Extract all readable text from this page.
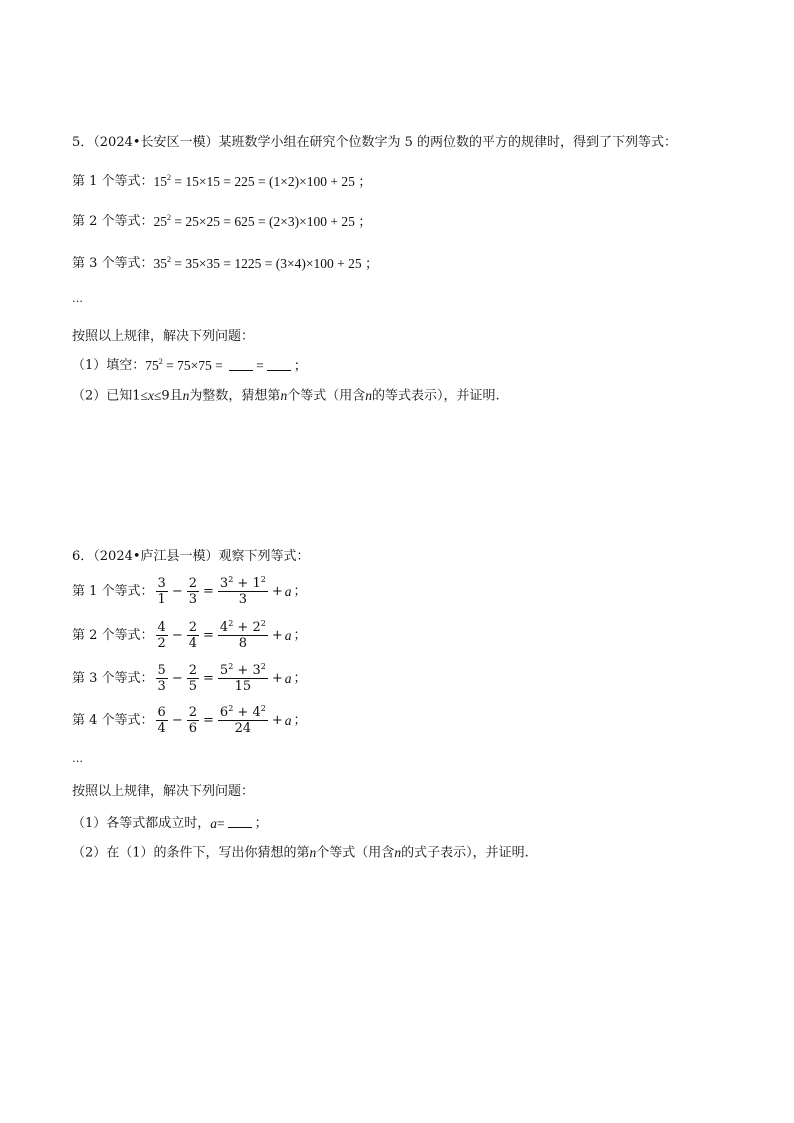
5．（2024•长安区一模）某班数学小组在研究个位数字为 5 的两位数的平方的规律时，得到了下列等式：
第 1 个等式：$15^2 = 15\times 15 = 225 = (1\times 2)\times 100 + 25$ ；
第 2 个等式：$25^2 = 25\times 25 = 625 = (2\times 3)\times 100 + 25$ ；
第 3 个等式：$35^2 = 35\times 35 = 1225 = (3\times 4)\times 100 + 25$ ；
…
按照以上规律，解决下列问题：
（1）填空：$75^2 = 75\times 75$ = = ；
（2）已知1≤x≤9且n为整数，猜想第n个等式（用含n的等式表示），并证明.
6．（2024•庐江县一模）观察下列等式：
第 1 个等式： $\frac{3}{1} - \frac{2}{3} = \frac{3^2 + 1^2}{3} + a$ ；
第 2 个等式： $\frac{4}{2} - \frac{2}{4} = \frac{4^2 + 2^2}{8} + a$ ；
第 3 个等式： $\frac{5}{3} - \frac{2}{5} = \frac{5^2 + 3^2}{15} + a$ ；
第 4 个等式： $\frac{6}{4} - \frac{2}{6} = \frac{6^2 + 4^2}{24} + a$ ；
…
按照以上规律，解决下列问题：
（1）各等式都成立时，a=；
（2）在（1）的条件下，写出你猜想的第n个等式（用含n的式子表示），并证明.
